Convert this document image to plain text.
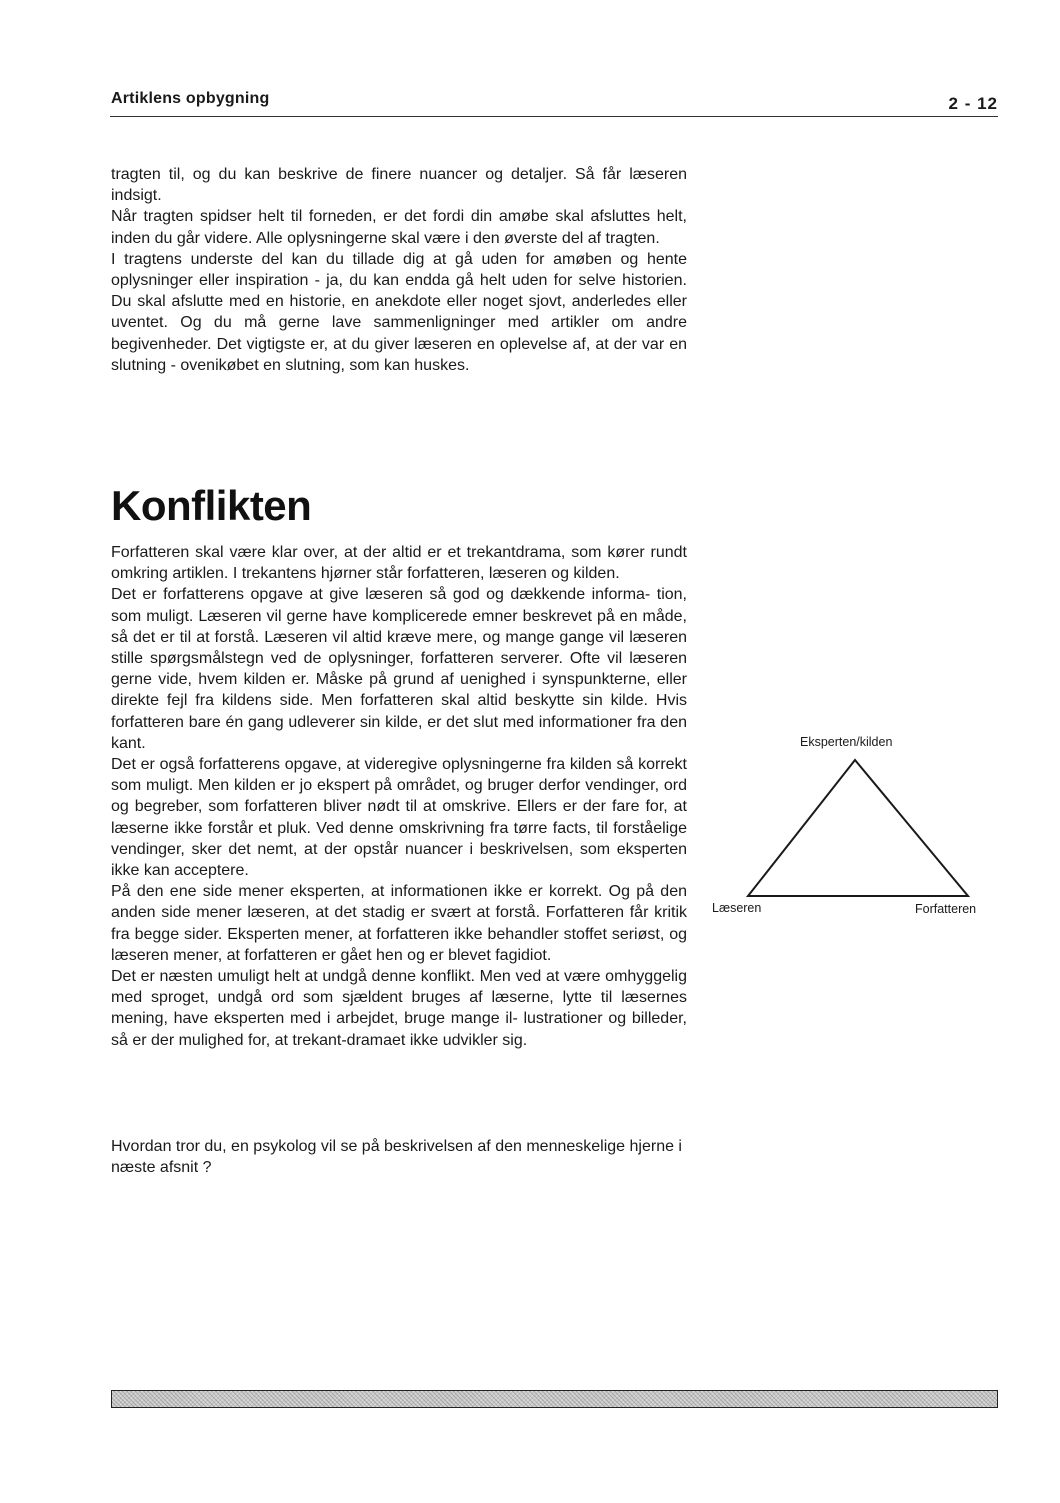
Artiklens opbygning	2 - 12

tragten til, og du kan beskrive de finere nuancer og detaljer. Så får læseren indsigt.

Når tragten spidser helt til forneden, er det fordi din amøbe skal afsluttes helt, inden du går videre. Alle oplysningerne skal være i den øverste del af tragten.

I tragtens underste del kan du tillade dig at gå uden for amøben og hente oplysninger eller inspiration - ja, du kan endda gå helt uden for selve historien. Du skal afslutte med en historie, en anekdote eller noget sjovt, anderledes eller uventet. Og du må gerne lave sammenligninger med artikler om andre begivenheder. Det vigtigste er, at du giver læseren en oplevelse af, at der var en slutning - ovenikøbet en slutning, som kan huskes.

Konflikten

Forfatteren skal være klar over, at der altid er et trekantdrama, som kører rundt omkring artiklen. I trekantens hjørner står forfatteren, læseren og kilden.

Det er forfatterens opgave at give læseren så god og dækkende informa- tion, som muligt. Læseren vil gerne have komplicerede emner beskrevet på en måde, så det er til at forstå. Læseren vil altid kræve mere, og mange gange vil læseren stille spørgsmålstegn ved de oplysninger, forfatteren serverer. Ofte vil læseren gerne vide, hvem kilden er. Måske på grund af uenighed i synspunkterne, eller direkte fejl fra kildens side. Men forfatteren skal altid beskytte sin kilde. Hvis forfatteren bare én gang udleverer sin kilde, er det slut med informationer fra den kant.

Det er også forfatterens opgave, at videregive oplysningerne fra kilden så korrekt som muligt. Men kilden er jo ekspert på området, og bruger derfor vendinger, ord og begreber, som forfatteren bliver nødt til at omskrive. Ellers er der fare for, at læserne ikke forstår et pluk. Ved denne omskrivning fra tørre facts, til forståelige vendinger, sker det nemt, at der opstår nuancer i beskrivelsen, som eksperten ikke kan acceptere.

På den ene side mener eksperten, at informationen ikke er korrekt. Og på den anden side mener læseren, at det stadig er svært at forstå. Forfatteren får kritik fra begge sider. Eksperten mener, at forfatteren ikke behandler stoffet seriøst, og læseren mener, at forfatteren er gået hen og er blevet fagidiot.

Det er næsten umuligt helt at undgå denne konflikt. Men ved at være omhyggelig med sproget, undgå ord som sjældent bruges af læserne, lytte til læsernes mening, have eksperten med i arbejdet, bruge mange il- lustrationer og billeder, så er der mulighed for, at trekant-dramaet ikke udvikler sig.

Hvordan tror du, en psykolog vil se på beskrivelsen af den menneskelige hjerne i næste afsnit ?

Eksperten/kilden
Læseren	Forfatteren
